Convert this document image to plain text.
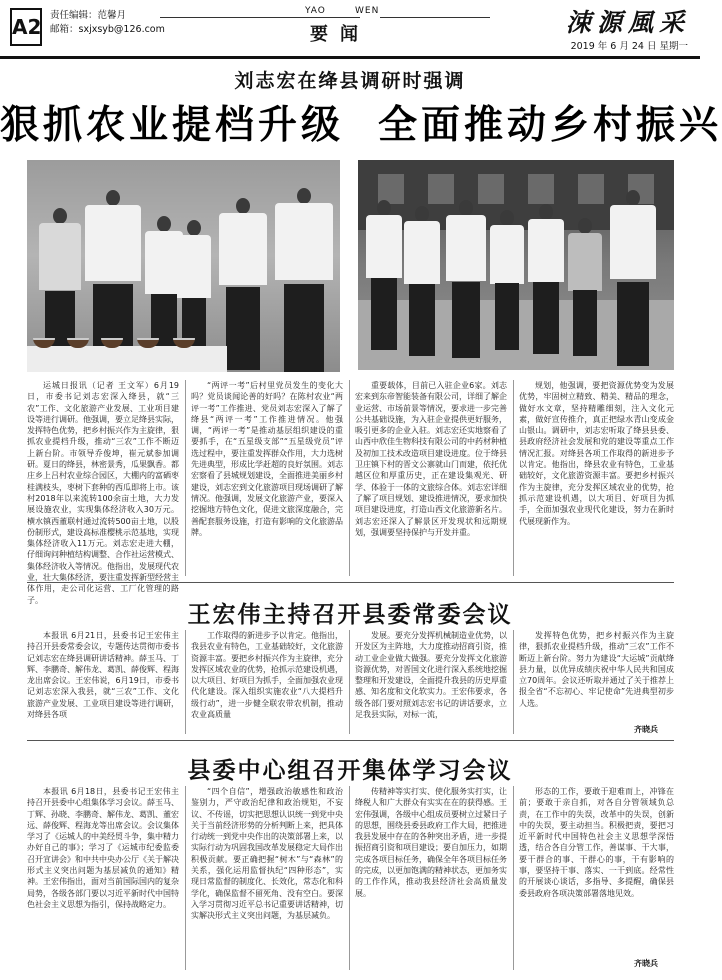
A2 责任编辑：范馨月
邮箱：sxjxsyb@126.com
YAO	WEN
要闻	涑源風采
2019 年 6 月 24 日 星期一
刘志宏在绛县调研时强调
狠抓农业提档升级 全面推动乡村振兴

运城日报讯（记者 王文军）6月19日，市委书记刘志宏深入绛县，就“三农”工作、文化旅游产业发展、工业项目建设等进行调研。他强调，要立足绛县实际，发挥特色优势，把乡村振兴作为主旋律，狠抓农业提档升级，推动“三农”工作不断迈上新台阶。市领导乔俊坤，崔元斌参加调研。夏日的绛县，林密景秀，瓜果飘香。都庄乡上吕村农业综合园区，大棚内的富硒枣桂满枝头，枣树下套种的西瓜即将上市。该村2018年以来流转100余亩土地，大力发展设施农业，实现集体经济收入30万元。横水镇西董联村通过流转500亩土地，以股份制形式，建设高标准樱桃示范基地，实现集体经济收入11万元。刘志宏走进大棚，仔细询问种植结构调整、合作社运营模式、集体经济收入等情况。他指出，发展现代农业，壮大集体经济，要注重发挥新型经营主体作用，走公司化运营、工厂化管理的路子。

“两评一考”后村里党员发生的变化大吗？党员谈闻论善的好吗？在陈村农业“两评一考”工作推进、党员刘志宏深入了解了绛县“两评一考”工作推进情况。他强调，“两评一考”是推动基层组织建设的重要抓手，在“五星级支部”“五星级党员”评选过程中，要注重发挥群众作用，大力选树先进典型，形成比学赶超的良好氛围。刘志宏察看了县城规划建设，全面推进美丽乡村建设，刘志宏到文化旅游项目现场调研了解情况。他强调，发展文化旅游产业，要深入挖掘地方特色文化，促进文旅深度融合，完善配套服务设施，打造有影响的文化旅游品牌。

重要载体，目前已入驻企业6家。刘志宏来到东帝智能装备有限公司，详细了解企业运营、市场前景等情况，要求进一步完善公共基础设施，为入驻企业提供更好服务，吸引更多的企业入驻。刘志宏还实地察看了山西中欣佳生物科技有限公司的中药材种植及初加工技术改造项目建设进度。位于绛县卫庄镇下村的晋文公寨就山门而建，依托优越区位和厚重历史，正在建设集观光、研学、体验于一体的文旅综合体。刘志宏详细了解了项目规划、建设推进情况，要求加快项目建设进度，打造山西文化旅游新名片。刘志宏还深入了解景区开发现状和远期规划，强调要坚持保护与开发并重。

规划，他强调，要把资源优势变为发展优势，牢固树立精致、精美、精品的理念，做好水文章，坚持精雕细刻，注入文化元素，做好宣传推介，真正把绿水青山变成金山银山。调研中，刘志宏听取了绛县县委、县政府经济社会发展和党的建设等重点工作情况汇报。对绛县各项工作取得的新进步予以肯定。他指出，绛县农业有特色，工业基础较好，文化旅游资源丰富。要把乡村振兴作为主旋律，充分发挥区域农业的优势，抢抓示范建设机遇，以大项目、好项目为抓手，全面加强农业现代化建设，努力在新时代展现新作为。

王宏伟主持召开县委常委会议

本报讯 6月21日，县委书记王宏伟主持召开县委常委会议，专题传达贯彻市委书记刘志宏在绛县调研讲话精神。薛玉马、丁辉、李鹏奇、解伟龙、葛凯、薛俊辉、程海龙出席会议。王宏伟说，6月19日，市委书记刘志宏深入我县，就“三农”工作、文化旅游产业发展、工业项目建设等进行调研，对绛县各项

工作取得的新进步予以肯定。他指出，我县农业有特色，工业基础较好，文化旅游资源丰富。要把乡村振兴作为主旋律，充分发挥区域农业的优势，抢抓示范建设机遇，以大项目、好项目为抓手，全面加强农业现代化建设。深入组织实施农业“八大提档升级行动”，进一步健全联农带农机制，推动农业高质量

发展。要充分发挥机械制造业优势，以开发区为主阵地，大力度推动招商引资，推动工业企业做大做强。要充分发挥文化旅游资源优势，对晋国文化进行深入系统地挖掘整理和开发建设，全面提升我县的历史厚重感、知名度和文化软实力。王宏伟要求，各级各部门要对照刘志宏书记的讲话要求，立足我县实际，对标一流，

发挥特色优势，把乡村振兴作为主旋律，狠抓农业提档升级，推动“三农”工作不断迈上新台阶。努力为建设“大运城”贡献绛县力量，以优异成绩庆祝中华人民共和国成立70周年。会议还听取并通过了关于推荐上报全省“不忘初心、牢记使命”先进典型初步人选。

齐晓兵
县委中心组召开集体学习会议

本报讯 6月18日，县委书记王宏伟主持召开县委中心组集体学习会议。薛玉马、丁辉、孙晓、李鹏奇、解伟龙、葛凯、董宏远、薛俊辉、程海龙等出席会议。会议集体学习了《运城人的中美经贸斗争，集中精力办好自己的事》；学习了《运城市纪委监委召开宣讲会》和中共中央办公厅《关于解决形式主义突出问题为基层减负的通知》精神。王宏伟指出，面对当前国际国内的复杂局势，各级各部门要以习近平新时代中国特色社会主义思想为指引，保持战略定力。

“四个自信”，增强政治敏感性和政治鉴别力，严守政治纪律和政治规矩，不妄议、不传谣，切实把思想认识统一到党中央关于当前经济形势的分析判断上来，把具体行动统一到党中央作出的决策部署上来，以实际行动为巩固我国改革发展稳定大局作出积极贡献。要正确把握“树木”与“森林”的关系，强化运用监督执纪“四种形态”，实现日常监督的制度化、长效化，常态化和科学化，确保监督不留死角、没有空白。要深入学习贯彻习近平总书记重要讲话精神，切实解决形式主义突出问题，为基层减负。

传精神等实打实、使化服务实打实，让绛税人和广大群众有实实在在的获得感。王宏伟强调，各级中心组成员要树立过紧日子的思想，围绕县委县政府工作大局，把推进我县发展中存在的各种突出矛盾，进一步提振招商引资和项目建设；要自加压力，如期完成各项目标任务，确保全年各项目标任务的完成，以更加饱满的精神状态，更加务实的工作作风，推动我县经济社会高质量发展。

形态的工作，要敢于迎难而上，冲锋在前；要敢于亲自抓，对各自分管领域负总责，在工作中的失误，改革中的失误，创新中的失误，要主动担当。积极把责，要把习近平新时代中国特色社会主义思想学深悟透，结合各自分管工作，善谋事、干大事，要干群合的事、干群心的事，干有影响的事，要坚持干事、落实、一干到底。经常性的开展谈心谈话，多指导、多提醒，确保县委县政府各项决策部署落地见效。

齐晓兵
